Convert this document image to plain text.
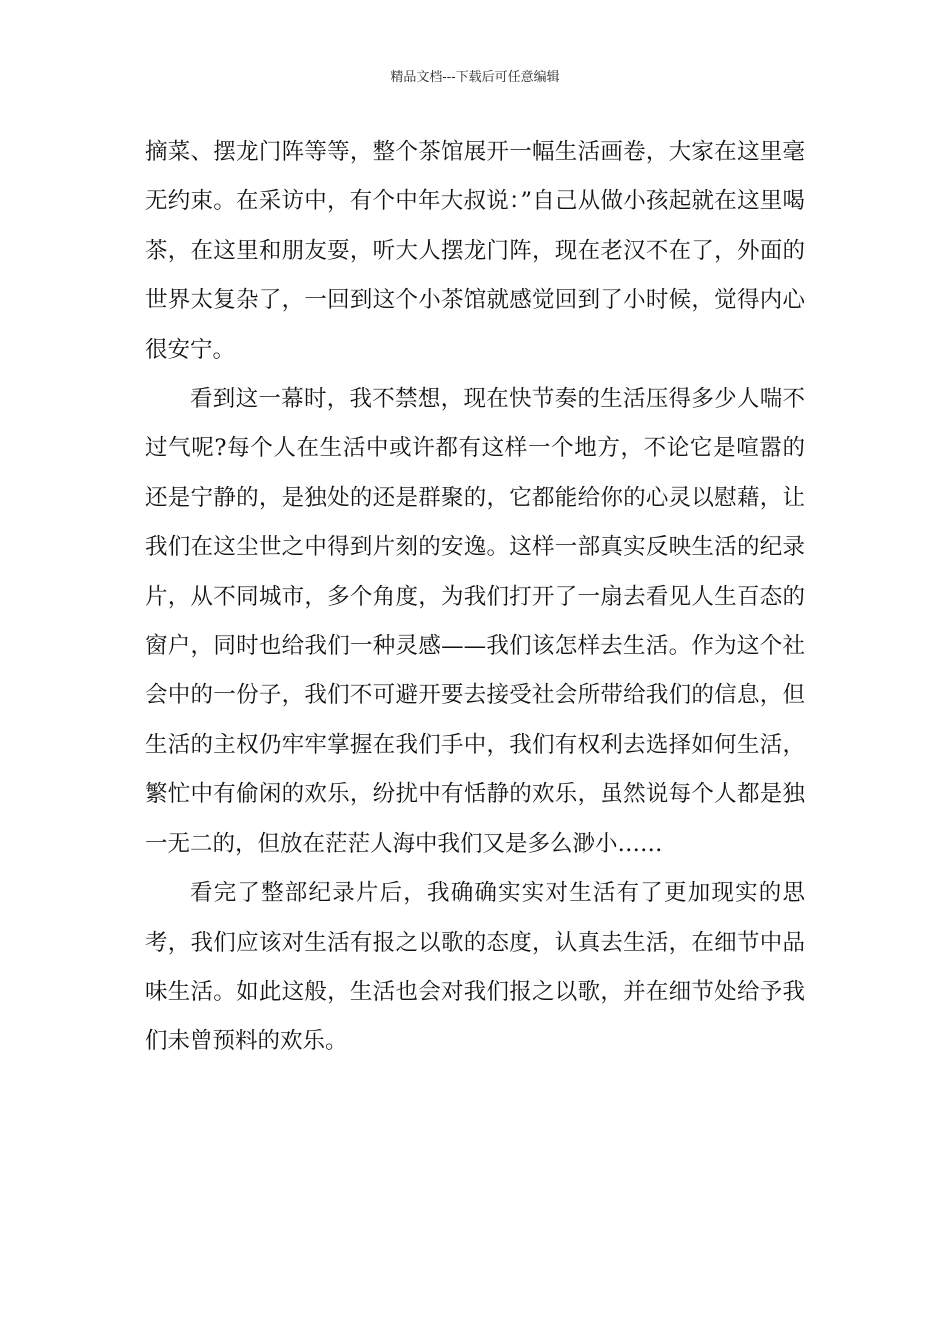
精品文档---下载后可任意编辑

摘菜、摆龙门阵等等，整个茶馆展开一幅生活画卷，大家在这里毫无约束。在采访中，有个中年大叔说：”自己从做小孩起就在这里喝茶，在这里和朋友耍，听大人摆龙门阵，现在老汉不在了，外面的世界太复杂了，一回到这个小茶馆就感觉回到了小时候，觉得内心很安宁。

看到这一幕时，我不禁想，现在快节奏的生活压得多少人喘不过气呢?每个人在生活中或许都有这样一个地方，不论它是喧嚣的还是宁静的，是独处的还是群聚的，它都能给你的心灵以慰藉，让我们在这尘世之中得到片刻的安逸。这样一部真实反映生活的纪录片，从不同城市，多个角度，为我们打开了一扇去看见人生百态的窗户，同时也给我们一种灵感——我们该怎样去生活。作为这个社会中的一份子，我们不可避开要去接受社会所带给我们的信息，但生活的主权仍牢牢掌握在我们手中，我们有权利去选择如何生活，繁忙中有偷闲的欢乐，纷扰中有恬静的欢乐，虽然说每个人都是独一无二的，但放在茫茫人海中我们又是多么渺小……

看完了整部纪录片后，我确确实实对生活有了更加现实的思考，我们应该对生活有报之以歌的态度，认真去生活，在细节中品味生活。如此这般，生活也会对我们报之以歌，并在细节处给予我们未曾预料的欢乐。
